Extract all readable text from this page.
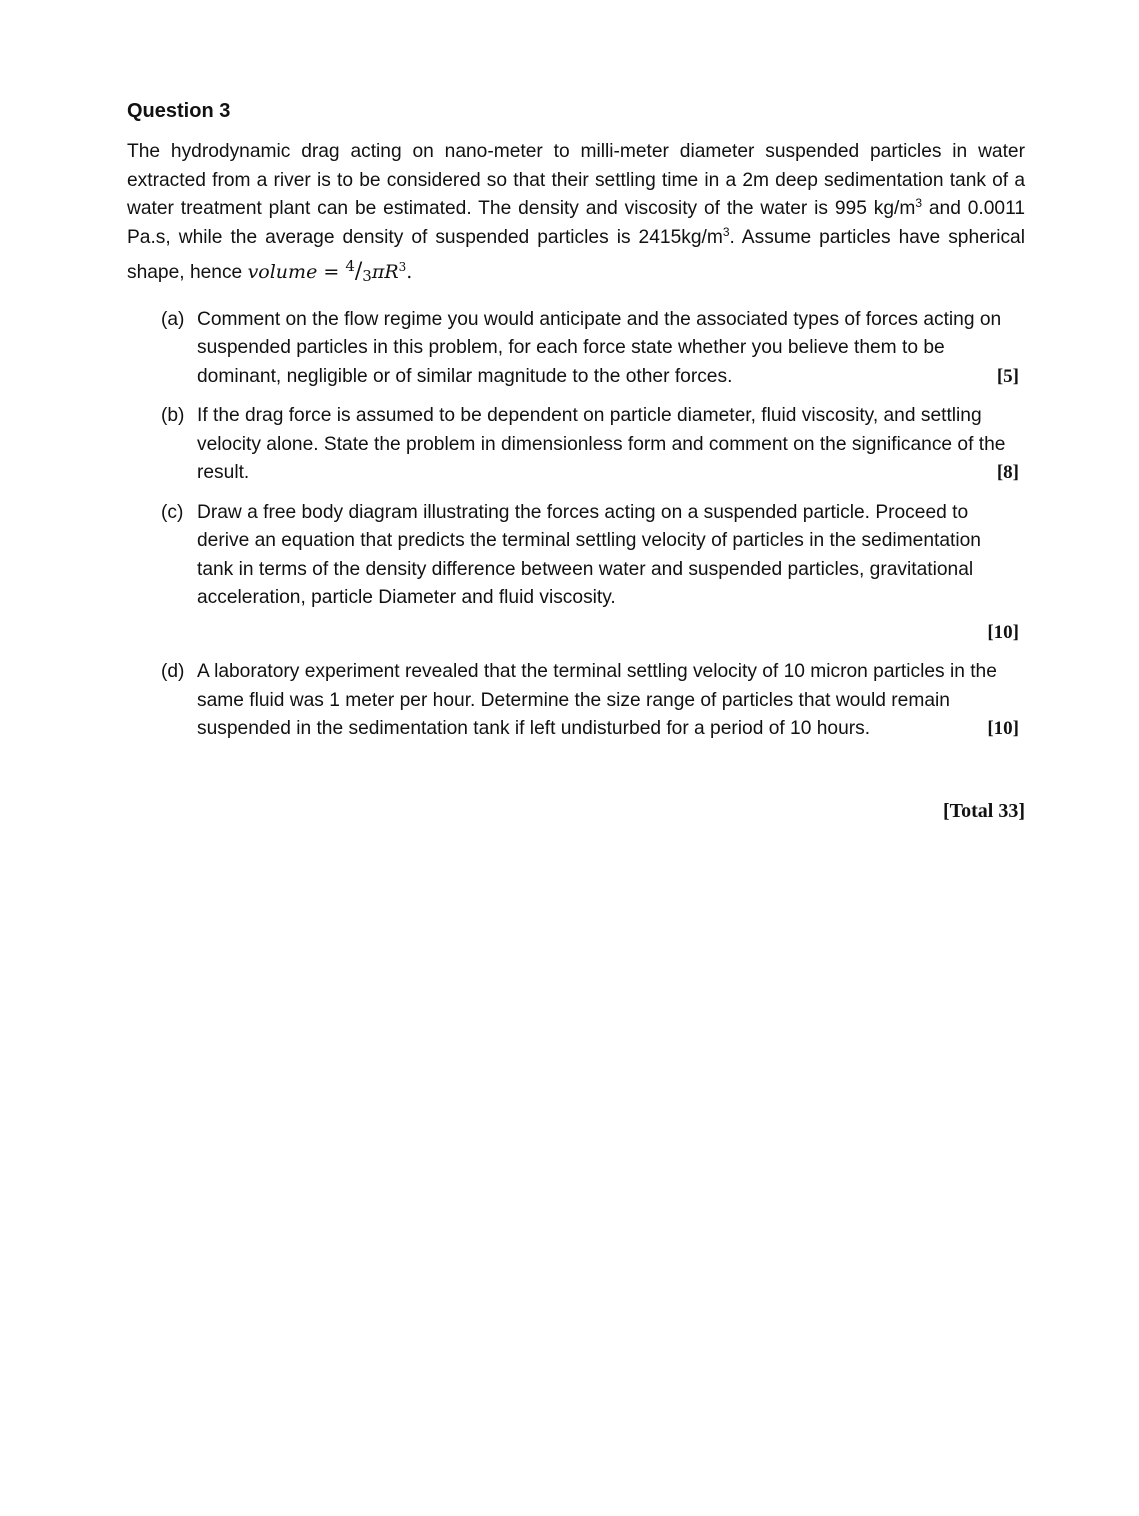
Question 3

The hydrodynamic drag acting on nano-meter to milli-meter diameter suspended particles in water extracted from a river is to be considered so that their settling time in a 2m deep sedimentation tank of a water treatment plant can be estimated. The density and viscosity of the water is 995 $kg/m^3$ and 0.0011 Pa.s, while the average density of suspended particles is $2415kg/m^3$. Assume particles have spherical shape, hence volume = $^4/3\pi R^3$.

(a) Comment on the flow regime you would anticipate and the associated types of forces acting on suspended particles in this problem, for each force state whether you believe them to be dominant, negligible or of similar magnitude to the other forces.	[5]
(b) If the drag force is assumed to be dependent on particle diameter, fluid viscosity, and settling velocity alone. State the problem in dimensionless form and comment on the significance of the result.	[8]
(c) Draw a free body diagram illustrating the forces acting on a suspended particle. Proceed to derive an equation that predicts the terminal settling velocity of particles in the sedimentation tank in terms of the density difference between water and suspended particles, gravitational acceleration, particle Diameter and fluid viscosity.
[10]
(d) A laboratory experiment revealed that the terminal settling velocity of 10 micron particles in the same fluid was 1 meter per hour. Determine the size range of particles that would remain suspended in the sedimentation tank if left undisturbed for a period of 10 hours.	[10]
[Total 33]
